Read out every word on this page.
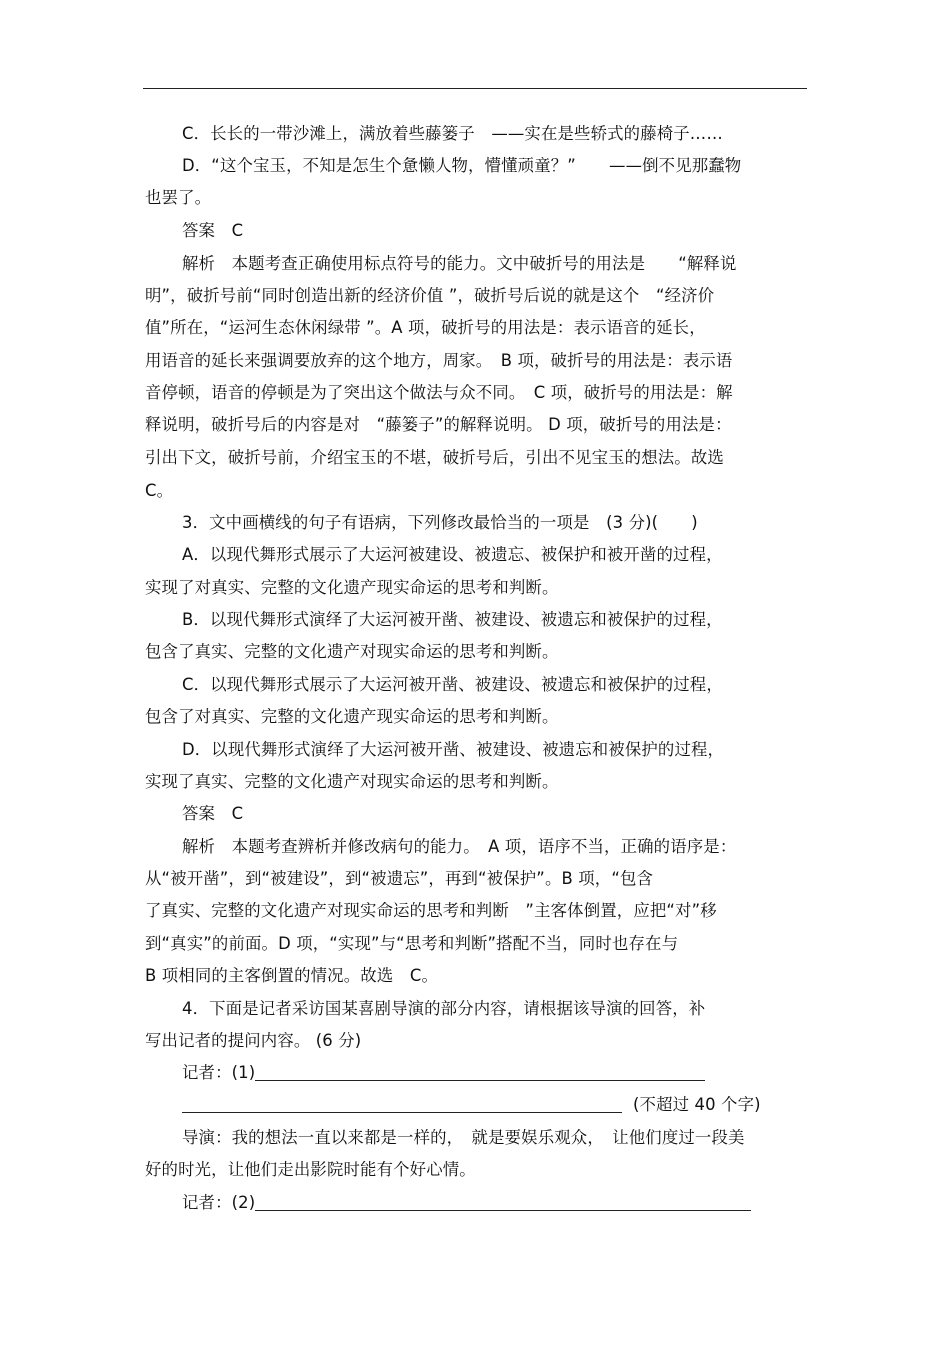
C．长长的一带沙滩上，满放着些藤篓子　——实在是些轿式的藤椅子……
D．“这个宝玉，不知是怎生个惫懒人物，懵懂顽童？”　　——倒不见那蠢物
也罢了。
答案　C
解析　本题考查正确使用标点符号的能力。文中破折号的用法是　　“解释说
明”，破折号前“同时创造出新的经济价值 ”，破折号后说的就是这个　“经济价
值”所在，“运河生态休闲绿带 ”。A 项，破折号的用法是：表示语音的延长，
用语音的延长来强调要放弃的这个地方，周家。　B 项，破折号的用法是：表示语
音停顿，语音的停顿是为了突出这个做法与众不同。　C 项，破折号的用法是：解
释说明，破折号后的内容是对　“藤篓子”的解释说明。 D 项，破折号的用法是：
引出下文，破折号前，介绍宝玉的不堪，破折号后，引出不见宝玉的想法。故选
C。
3．文中画横线的句子有语病，下列修改最恰当的一项是　(3 分)(　　)
A．以现代舞形式展示了大运河被建设、被遗忘、被保护和被开凿的过程，
实现了对真实、完整的文化遗产现实命运的思考和判断。
B．以现代舞形式演绎了大运河被开凿、被建设、被遗忘和被保护的过程，
包含了真实、完整的文化遗产对现实命运的思考和判断。
C．以现代舞形式展示了大运河被开凿、被建设、被遗忘和被保护的过程，
包含了对真实、完整的文化遗产现实命运的思考和判断。
D．以现代舞形式演绎了大运河被开凿、被建设、被遗忘和被保护的过程，
实现了真实、完整的文化遗产对现实命运的思考和判断。
答案　C
解析　本题考查辨析并修改病句的能力。　A 项，语序不当，正确的语序是：
从“被开凿”，到“被建设”，到“被遗忘”，再到“被保护”。B 项，“包含
了真实、完整的文化遗产对现实命运的思考和判断　”主客体倒置，应把“对”移
到“真实”的前面。D 项，“实现”与“思考和判断”搭配不当，同时也存在与
B 项相同的主客倒置的情况。故选　C。
4．下面是记者采访国某喜剧导演的部分内容，请根据该导演的回答，补
写出记者的提问内容。 (6 分)
记者：(1)
(不超过 40 个字)
导演：我的想法一直以来都是一样的，　就是要娱乐观众，　让他们度过一段美
好的时光，让他们走出影院时能有个好心情。
记者：(2)
